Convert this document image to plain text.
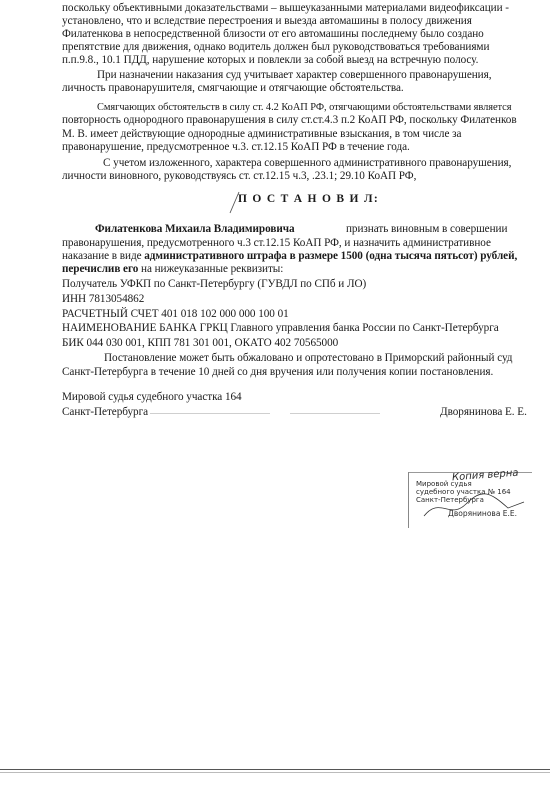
поскольку объективными доказательствами – вышеуказанными материалами видеофиксации -
установлено, что и вследствие перестроения и выезда автомашины в полосу движения
Филатенкова в непосредственной близости от его автомашины последнему было создано
препятствие для движения, однако водитель должен был руководствоваться требованиями
п.п.9.8., 10.1 ПДД, нарушение которых и повлекли за собой выезд на встречную полосу.
При назначении наказания суд учитывает характер совершенного правонарушения,
личность правонарушителя, смягчающие и отягчающие обстоятельства.
Смягчающих обстоятельств в силу ст. 4.2 КоАП РФ, отягчающими обстоятельствами является
повторность однородного правонарушения в силу ст.ст.4.3 п.2 КоАП РФ, поскольку Филатенков
М. В. имеет действующие однородные административные взыскания, в том числе за
правонарушение, предусмотренное ч.3. ст.12.15 КоАП РФ в течение года.
С учетом изложенного, характера совершенного административного правонарушения,
личности виновного, руководствуясь ст. ст.12.15 ч.3, .23.1; 29.10 КоАП РФ,
П О С Т А Н О В И Л:
Филатенкова Михаила Владимировича	признать виновным в совершении
правонарушения, предусмотренного ч.3 ст.12.15 КоАП РФ, и назначить административное
наказание в виде административного штрафа в размере 1500 (одна тысяча пятьсот) рублей,
перечислив его на нижеуказанные реквизиты:
Получатель УФКП по Санкт-Петербургу (ГУВДЛ по СПб и ЛО)
ИНН 7813054862
РАСЧЕТНЫЙ СЧЕТ 401 018 102 000 000 100 01
НАИМЕНОВАНИЕ БАНКА ГРКЦ Главного управления банка России по Санкт-Петербурга
БИК 044 030 001, КПП 781 301 001, ОКАТО 402 70565000
Постановление может быть обжаловано и опротестовано в Приморский районный суд
Санкт-Петербурга в течение 10 дней со дня вручения или получения копии постановления.
Мировой судья судебного участка 164
Санкт-Петербурга	Дворянинова Е. Е.
Копия верна
Мировой судья
судебного участка № 164
Санкт-Петербурга
Дворянинова Е.Е.
